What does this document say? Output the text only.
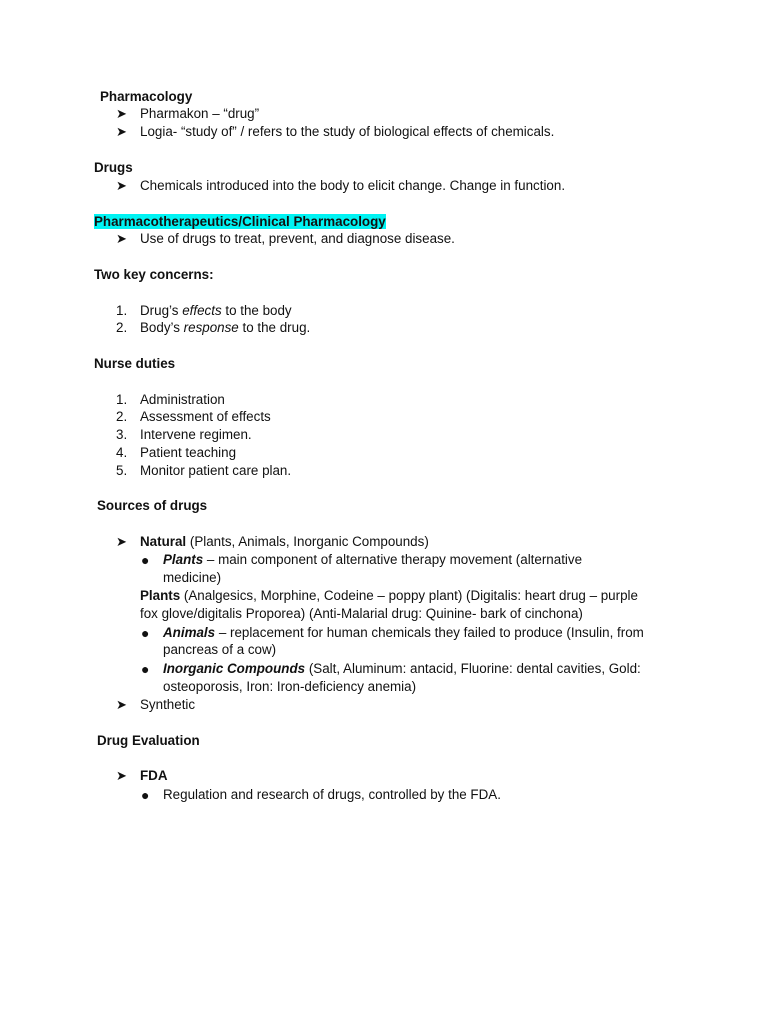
Pharmacology
➤ Pharmakon – “drug”
➤ Logia- “study of” / refers to the study of biological effects of chemicals.
Drugs
➤ Chemicals introduced into the body to elicit change. Change in function.
Pharmacotherapeutics/Clinical Pharmacology
➤ Use of drugs to treat, prevent, and diagnose disease.
Two key concerns:
1. Drug’s effects to the body
2. Body’s response to the drug.
Nurse duties
1. Administration
2. Assessment of effects
3. Intervene regimen.
4. Patient teaching
5. Monitor patient care plan.
Sources of drugs
➤ Natural (Plants, Animals, Inorganic Compounds)
● Plants – main component of alternative therapy movement (alternative
medicine)
Plants (Analgesics, Morphine, Codeine – poppy plant) (Digitalis: heart drug – purple
fox glove/digitalis Proporea) (Anti-Malarial drug: Quinine- bark of cinchona)
● Animals – replacement for human chemicals they failed to produce (Insulin, from
pancreas of a cow)
● Inorganic Compounds (Salt, Aluminum: antacid, Fluorine: dental cavities, Gold:
osteoporosis, Iron: Iron-deficiency anemia)
➤ Synthetic
Drug Evaluation
➤ FDA
● Regulation and research of drugs, controlled by the FDA.
